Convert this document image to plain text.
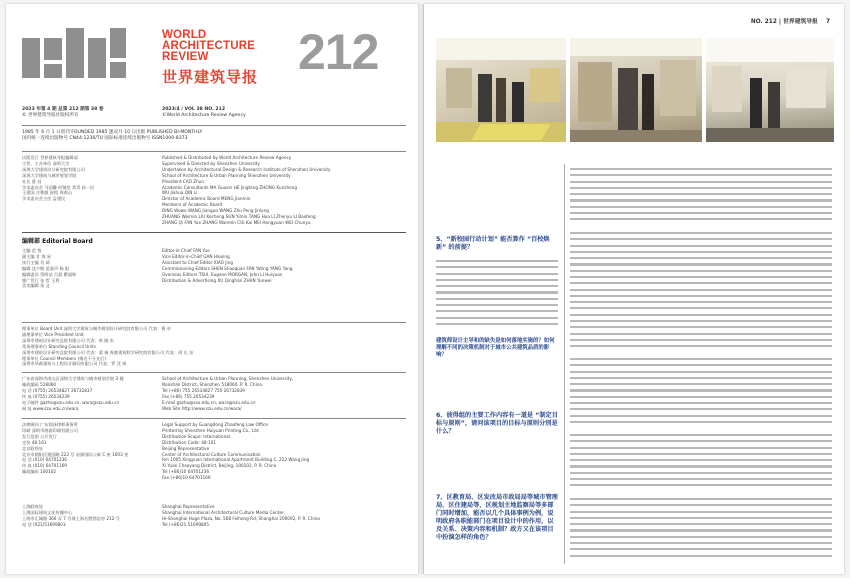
WORLD
ARCHITECTURE
REVIEW
世界建筑导报 212
2023 年第 4 期 总第 212 期第 38 卷
© 世界建筑导报社版权所有
2023/4 / VOL 38 NO. 212
©World Architecture Review Agency
1985 年 6 月 1 日创刊 FOUNDED 1985 逢双月 10 日出版 PUBLISHED BI-MONTHLY
国内统一连续出版物号 CN44-1236/TU 国际标准连续出版物号 ISSN1000-8373
出版发行 世界建筑导报编辑部
主管、主办单位 深圳大学
深圳大学建筑设计研究院有限公司
深圳大学建筑与城市规划学院
社长 曹 昌
学术委员会 马国馨 何镜堂 常青 孙一民
王建国 庄惟敏 崔愷 周春山
学术委员会主任 孟建民
Published & Distributed by World Architecture Review Agency
Supervised & Directed by Shenzhen University
Undertaken by Architectural Design & Research Institute of Shenzhen University
School of Architecture & Urban Planning Shenzhen University
President CAO Zhun
Academic Consultants MA Guoxin HE Jingtang ZHONG Kunzheng
WU Jiahua QIN Li
Director of Academic Board MENG Jianmin
Members of Academic Board
DING Wowo WANG Jianguo WANG Zhu Peng Jinlong
ZHUANG Weimin LIU Kecheng SUN Yimin TANG Hua LI Zhenyu LI Baofeng
ZHANG Qi FAN Yue ZHANG Wanmin CUI Kai MEI Hongyuan WEI Chunyu
编辑部 Editorial Board
主编 范 悦
副主编 甘 海 星
执行主编 肖 靖
编辑 沈少敏 范嘉声 杨 阳
编辑委员 蔡明洁 吕晨 瞿丽婷
推广发行 张 哲 王利
美术编辑 朱 文
Editor-in-Chief FAN Yue
Vice Editor-in-Chief GAN Haixing
Assistant to Chief Editor XIAO Jing
Commissioning Editors SHEN Shaoquan FAN Yating YANG Yang
Overseas Editors TSUI, Eugene MORGAN, John LI Huiyuan
Distribution & Advertising XU Qinghan ZHAN Yunwei
理事单位 Board Unit 深圳大学建筑与城市规划设计研究院有限公司 代表：曹 卓
副理事单位 Vice President Unit
深圳市建筑设计研究总院有限公司 代表：黄 晓 东
常务理事单位 Standing Council Units
深圳市建筑设计研究总院有限公司 代表：梁 瑞 香港建筑科学研究院有限公司 代表：周 长 东
理事单位 Council Members (排名不分先后)
深圳市华森建筑与工程设计顾问有限公司 代表：罗 沈 威
广东省深圳市南山区深圳大学建筑与城市规划学院 3 楼
邮政编码 518060
电 话 (0755) 26534827 26732837
传 真 (0755) 26534239
电子邮件 gazha@szu.edu.cn, wara@szu.edu.cn
网 址 www.szu.edu.cn/wara
School of Architecture & Urban Planning, Shenzhen University,
Nanshan District, Shenzhen 518060, P. R. China
Tel (+86) 755 26534827 755 26732839
Fax (+86) 755 26534239
E-mail gazha@szu.edu.cn, wara@szu.edu.cn
Web Site http://www.szu.edu.cn/wara/
法律顾问 广东润泽律师事务所
印刷 深圳市海源印刷有限公司
发行范围 公开发行
定价 48-161
北京联络处
北京市朝阳区建国路 222 号 星源国际公寓 C 座 1003 室
电 话 (010) 64701236
传 真 (010) 64701169
邮政编码 100102
Legal Support by Guangdong Zhaofeng Law Office
Printed by Shenzhen Haiyuan Printing Co., Ltd
Distribution Scope: International
Distribution Code: 48-161
Beijing Representative
Center of Architectural Culture Communication
Rm 1005 Xingyuan International Apartment Building C, 222 Wang Jing
Xi Yuan Chaoyang District, Beijing, 100102, P. R. China
Tel (+86)10 64701236
Fax (+86)10 64701169
上海联络处
上海国际建筑文化传播中心
上海市汇城路 366 弄 7 号海上海名墅酒店房 212 号
电 话 (021)51699803
Shanghai Representative
Shanghai International Architectural Culture Media Center
Hi-Shanghai Huge Plaza, No. 568 Feihong Rd, Shanghai 200092, P. R. China
Tel (+86)21 51699805
NO. 212 | 世界建筑导报 7
5、“新校园行动计划” 能否算作 “百校焕新” 的前提？
建筑师设计主导和的缺失是如何落地实施的？如何理解不同的决策机制对于城市公共建筑品质的影响？
6、彼得组的主要工作内容有一道是 “制定目标与原则”，请问该项目的目标与原则分别是什么？
7、区教育局、区发改局市政局局等城市管理局、区住建局等，区规划主地监察局等多部门同时增加，能否以几个具体事例为例，说明政府各职能部门在项目设计中的作用，以及关系、决策内容和机制？政方又在该项目中扮演怎样的角色？
